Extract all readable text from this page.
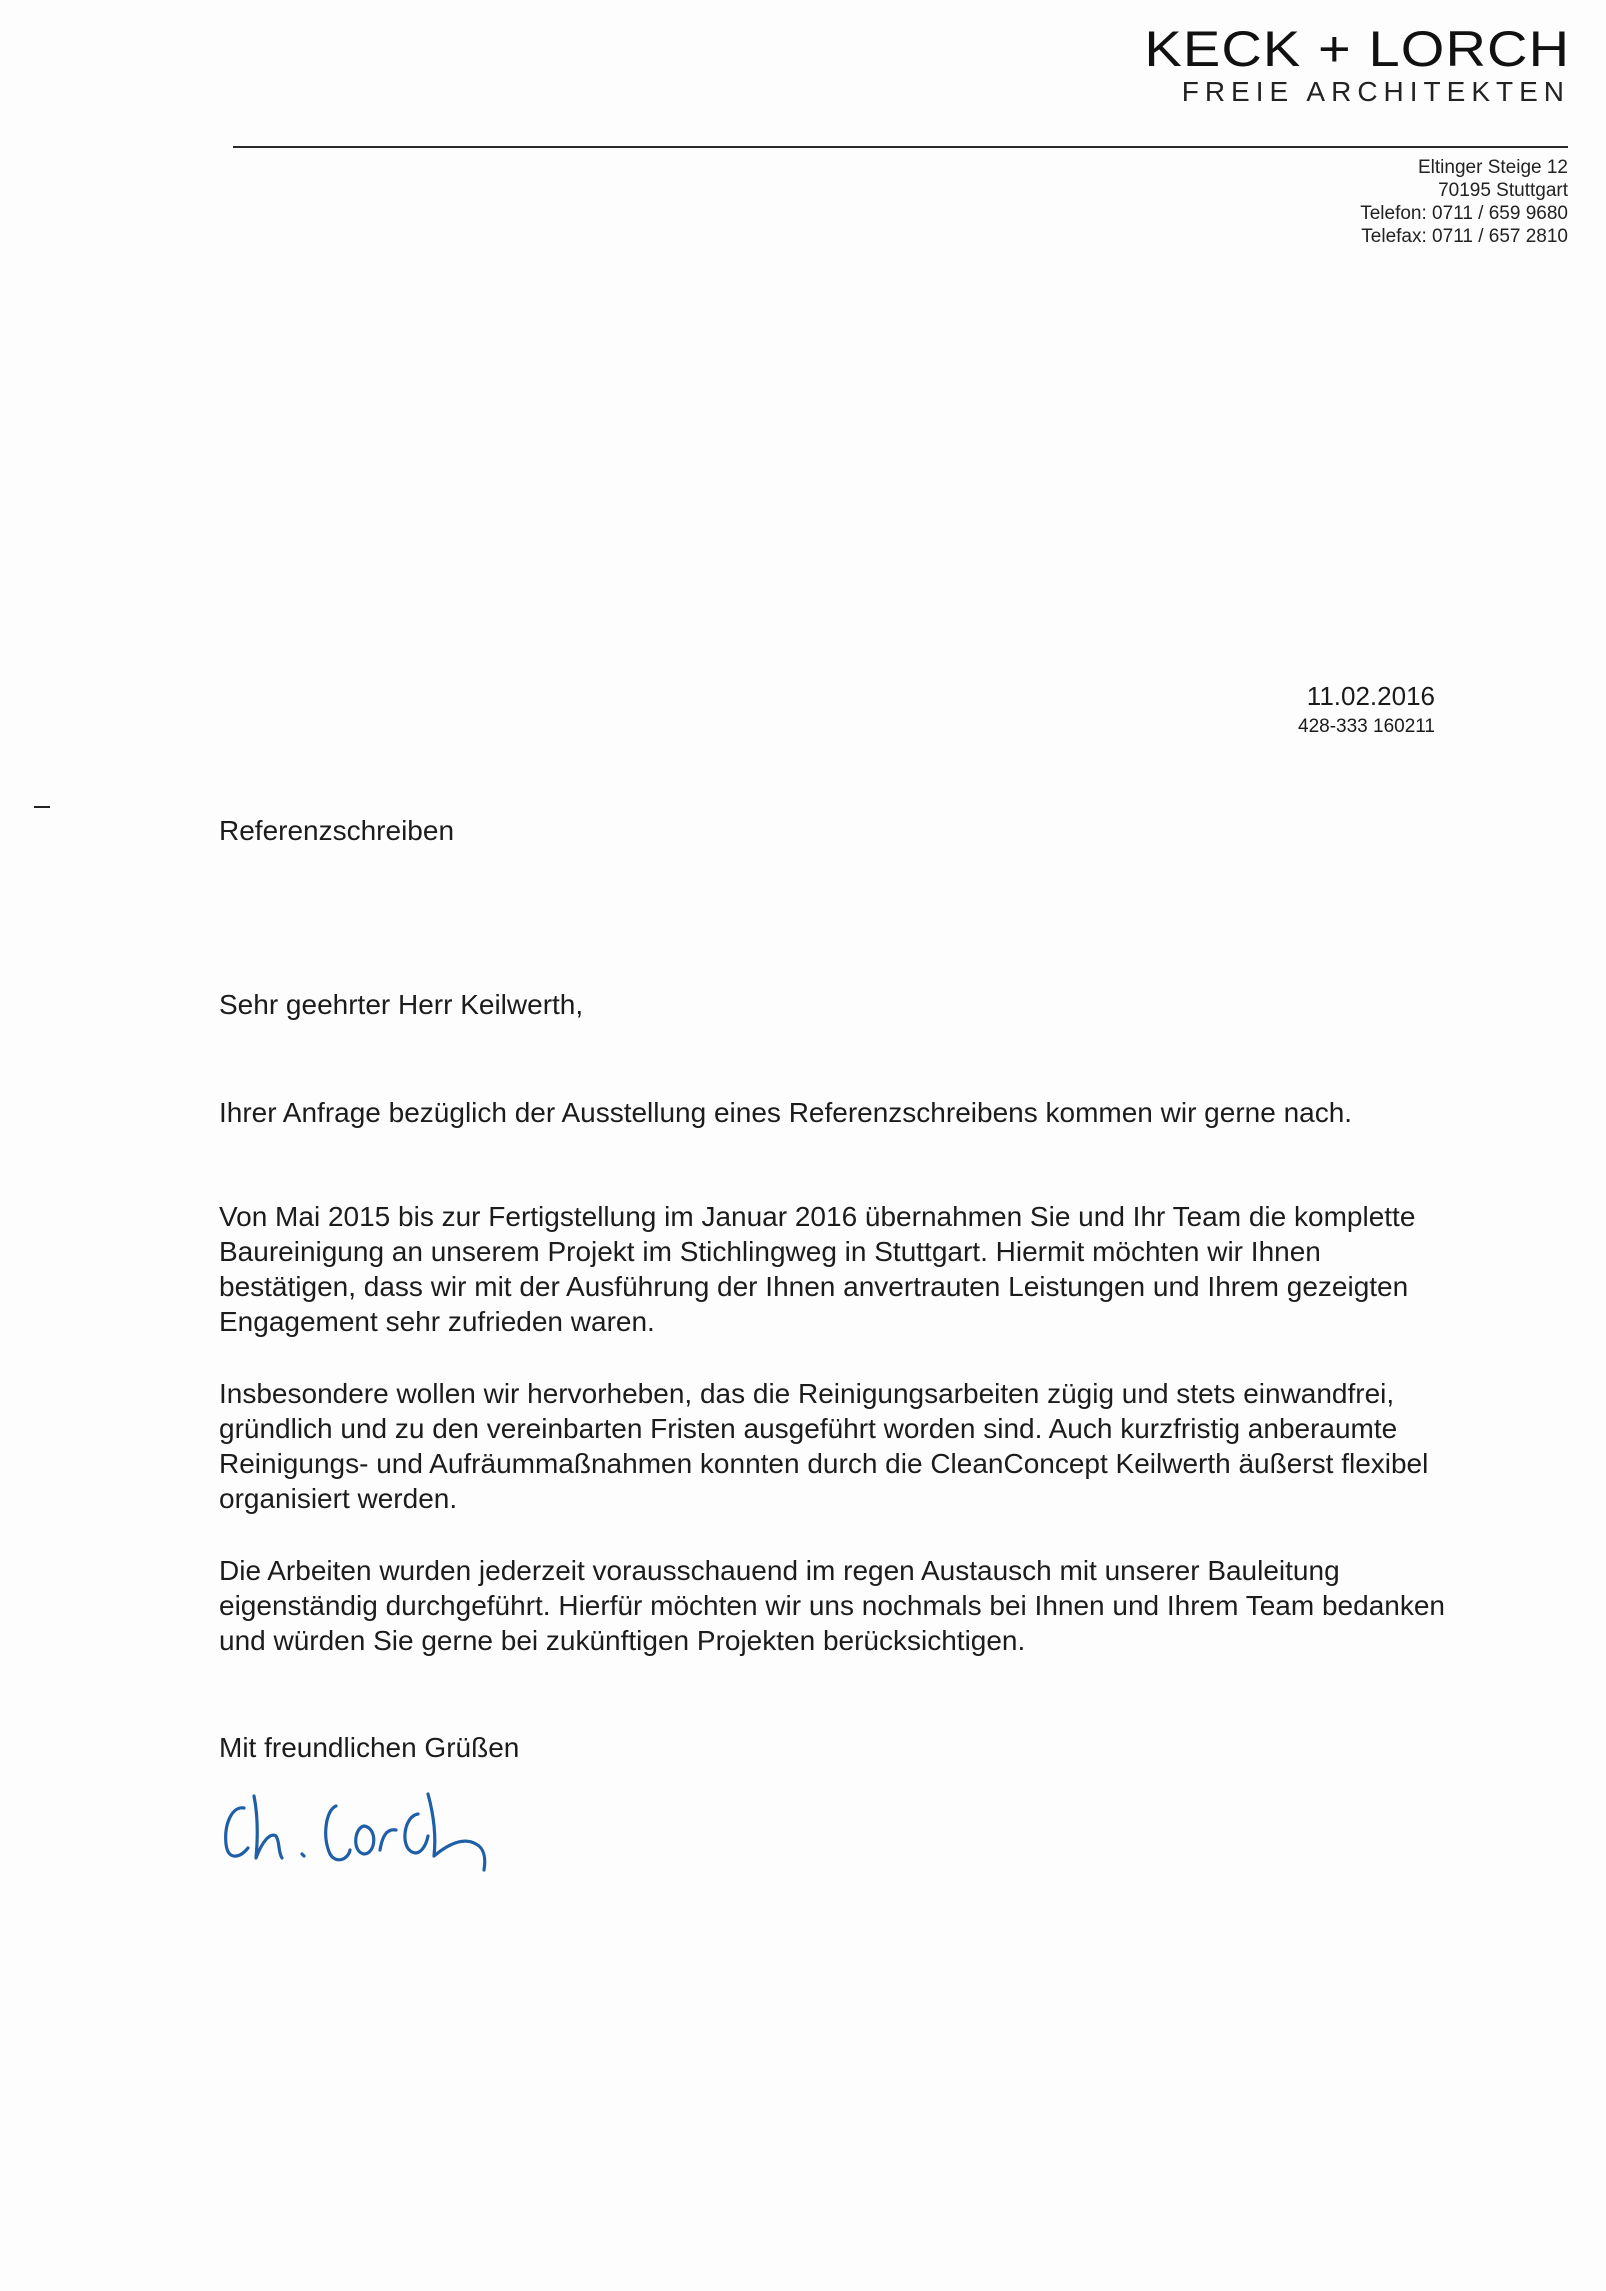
KECK + LORCH
FREIE ARCHITEKTEN
Eltinger Steige 12
70195 Stuttgart
Telefon: 0711 / 659 9680
Telefax: 0711 / 657 2810
11.02.2016
428-333 160211
Referenzschreiben
Sehr geehrter Herr Keilwerth,
Ihrer Anfrage bezüglich der Ausstellung eines Referenzschreibens kommen wir gerne nach.
Von Mai 2015 bis zur Fertigstellung im Januar 2016 übernahmen Sie und Ihr Team die komplette Baureinigung an unserem Projekt im Stichlingweg in Stuttgart. Hiermit möchten wir Ihnen bestätigen, dass wir mit der Ausführung der Ihnen anvertrauten Leistungen und Ihrem gezeigten Engagement sehr zufrieden waren.
Insbesondere wollen wir hervorheben, das die Reinigungsarbeiten zügig und stets einwandfrei, gründlich und zu den vereinbarten Fristen ausgeführt worden sind. Auch kurzfristig anberaumte Reinigungs- und Aufräummaßnahmen konnten durch die CleanConcept Keilwerth äußerst flexibel organisiert werden.
Die Arbeiten wurden jederzeit vorausschauend im regen Austausch mit unserer Bauleitung eigenständig durchgeführt. Hierfür möchten wir uns nochmals bei Ihnen und Ihrem Team bedanken und würden Sie gerne bei zukünftigen Projekten berücksichtigen.
Mit freundlichen Grüßen
